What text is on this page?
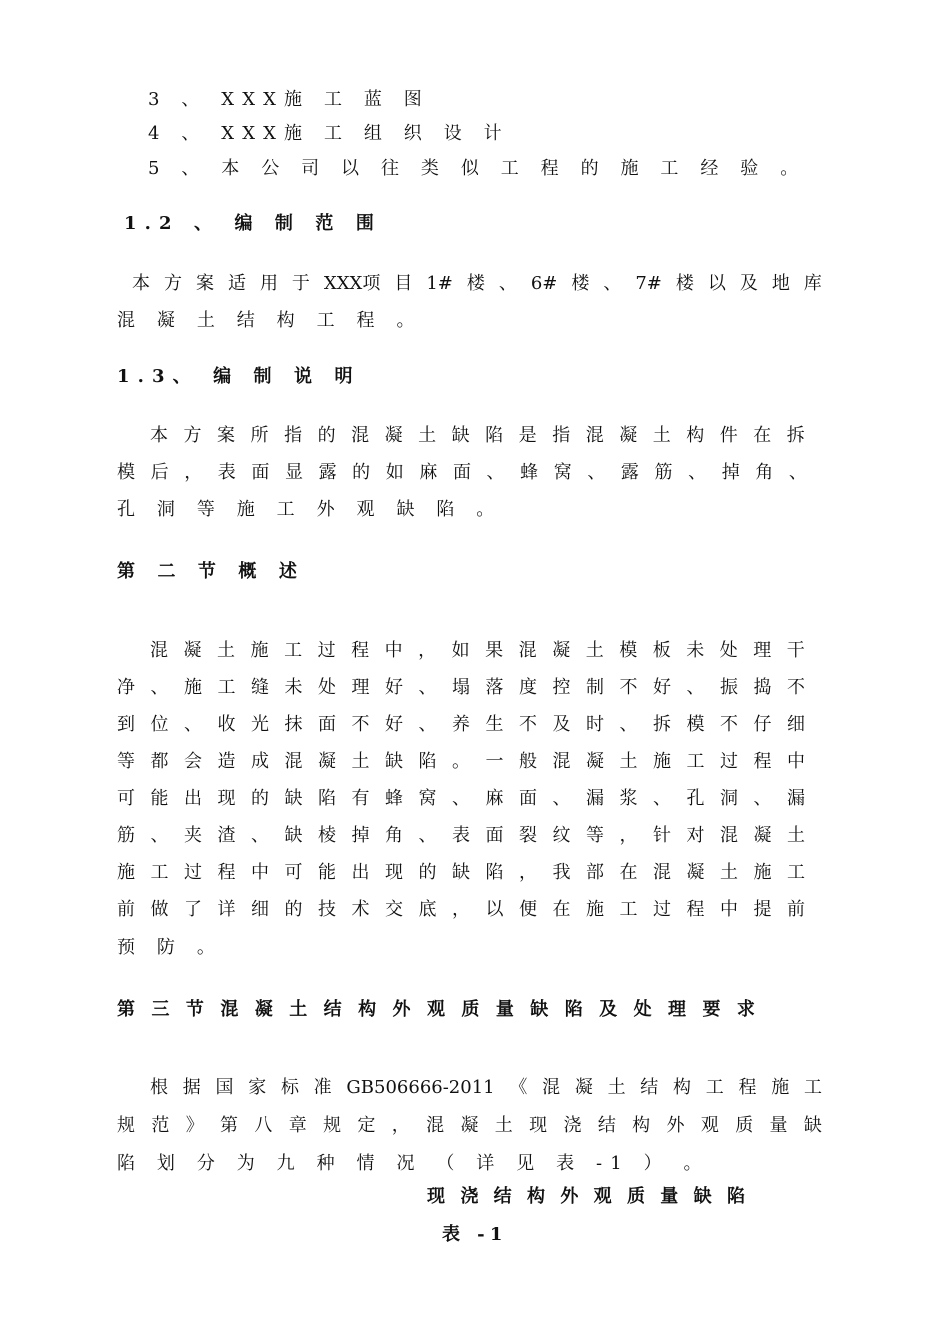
3 、 XXX施 工 蓝 图
4 、 XXX施 工 组 织 设 计
5 、 本 公 司 以 往 类 似 工 程 的 施 工 经 验 。
1.2 、 编 制 范 围
本 方 案 适 用 于 XXX项 目 1# 楼 、 6# 楼 、 7# 楼 以 及 地 库
混 凝 土 结 构 工 程 。
1.3、 编 制 说 明
本 方 案 所 指 的 混 凝 土 缺 陷 是 指 混 凝 土 构 件 在 拆
模 后 ， 表 面 显 露 的 如 麻 面 、 蜂 窝 、 露 筋 、 掉 角 、
孔 洞 等 施 工 外 观 缺 陷 。
第 二 节 概 述
混 凝 土 施 工 过 程 中 ， 如 果 混 凝 土 模 板 未 处 理 干
净 、 施 工 缝 未 处 理 好 、 塌 落 度 控 制 不 好 、 振 捣 不
到 位 、 收 光 抹 面 不 好 、 养 生 不 及 时 、 拆 模 不 仔 细
等 都 会 造 成 混 凝 土 缺 陷 。 一 般 混 凝 土 施 工 过 程 中
可 能 出 现 的 缺 陷 有 蜂 窝 、 麻 面 、 漏 浆 、 孔 洞 、 漏
筋 、 夹 渣 、 缺 棱 掉 角 、 表 面 裂 纹 等 ， 针 对 混 凝 土
施 工 过 程 中 可 能 出 现 的 缺 陷 ， 我 部 在 混 凝 土 施 工
前 做 了 详 细 的 技 术 交 底 ， 以 便 在 施 工 过 程 中 提 前
预 防 。
第 三 节 混 凝 土 结 构 外 观 质 量 缺 陷 及 处 理 要 求
根 据 国 家 标 准 GB506666-2011 《 混 凝 土 结 构 工 程 施 工
规 范 》 第 八 章 规 定 ， 混 凝 土 现 浇 结 构 外 观 质 量 缺
陷 划 分 为 九 种 情 况 （ 详 见 表 -1 ） 。
现 浇 结 构 外 观 质 量 缺 陷
表 -1
